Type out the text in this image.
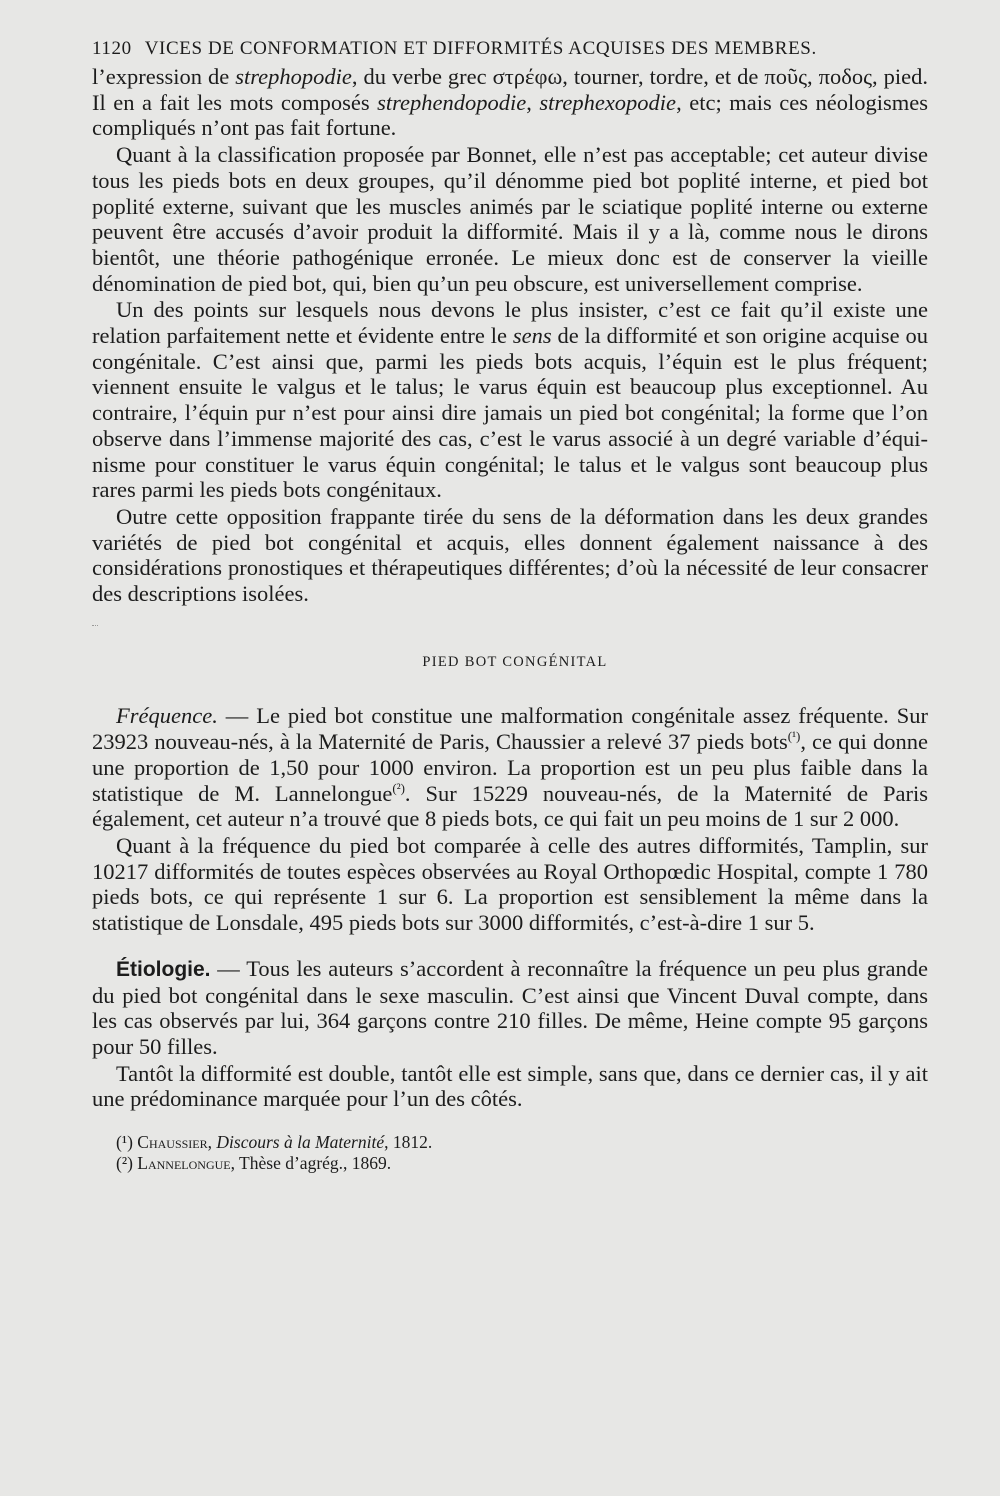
1120 VICES DE CONFORMATION ET DIFFORMITÉS ACQUISES DES MEMBRES.

l’expression de strephopodie, du verbe grec στρέφω, tourner, tordre, et de ποῦς, ποδος, pied. Il en a fait les mots composés strephendopodie, strephexopodie, etc; mais ces néologismes compliqués n’ont pas fait fortune.

Quant à la classification proposée par Bonnet, elle n’est pas acceptable; cet auteur divise tous les pieds bots en deux groupes, qu’il dénomme pied bot poplité interne, et pied bot poplité externe, suivant que les muscles animés par le sciatique poplité interne ou externe peuvent être accusés d’avoir produit la difformité. Mais il y a là, comme nous le dirons bientôt, une théorie pathogénique erronée. Le mieux donc est de conserver la vieille dénomination de pied bot, qui, bien qu’un peu obscure, est universellement comprise.

Un des points sur lesquels nous devons le plus insister, c’est ce fait qu’il existe une relation parfaitement nette et évidente entre le sens de la difformité et son origine acquise ou congénitale. C’est ainsi que, parmi les pieds bots acquis, l’équin est le plus fréquent; viennent ensuite le valgus et le talus; le varus équin est beaucoup plus exceptionnel. Au contraire, l’équin pur n’est pour ainsi dire jamais un pied bot congénital; la forme que l’on observe dans l’immense majorité des cas, c’est le varus associé à un degré variable d’équinisme pour constituer le varus équin congénital; le talus et le valgus sont beaucoup plus rares parmi les pieds bots congénitaux.

Outre cette opposition frappante tirée du sens de la déformation dans les deux grandes variétés de pied bot congénital et acquis, elles donnent également naissance à des considérations pronostiques et thérapeutiques différentes; d’où la nécessité de leur consacrer des descriptions isolées.

PIED BOT CONGÉNITAL

Fréquence. — Le pied bot constitue une malformation congénitale assez fréquente. Sur 23923 nouveau-nés, à la Maternité de Paris, Chaussier a relevé 37 pieds bots$^{(^1)}$, ce qui donne une proportion de 1,50 pour 1000 environ. La proportion est un peu plus faible dans la statistique de M. Lannelongue$^{(^2)}$. Sur 15229 nouveau-nés, de la Maternité de Paris également, cet auteur n’a trouvé que 8 pieds bots, ce qui fait un peu moins de 1 sur 2 000.

Quant à la fréquence du pied bot comparée à celle des autres difformités, Tamplin, sur 10217 difformités de toutes espèces observées au Royal Orthopœdic Hospital, compte 1 780 pieds bots, ce qui représente 1 sur 6. La proportion est sensiblement la même dans la statistique de Lonsdale, 495 pieds bots sur 3000 difformités, c’est-à-dire 1 sur 5.

Étiologie. — Tous les auteurs s’accordent à reconnaître la fréquence un peu plus grande du pied bot congénital dans le sexe masculin. C’est ainsi que Vincent Duval compte, dans les cas observés par lui, 364 garçons contre 210 filles. De même, Heine compte 95 garçons pour 50 filles.

Tantôt la difformité est double, tantôt elle est simple, sans que, dans ce dernier cas, il y ait une prédominance marquée pour l’un des côtés.

(¹) Chaussier, Discours à la Maternité, 1812.

(²) Lannelongue, Thèse d’agrég., 1869.
